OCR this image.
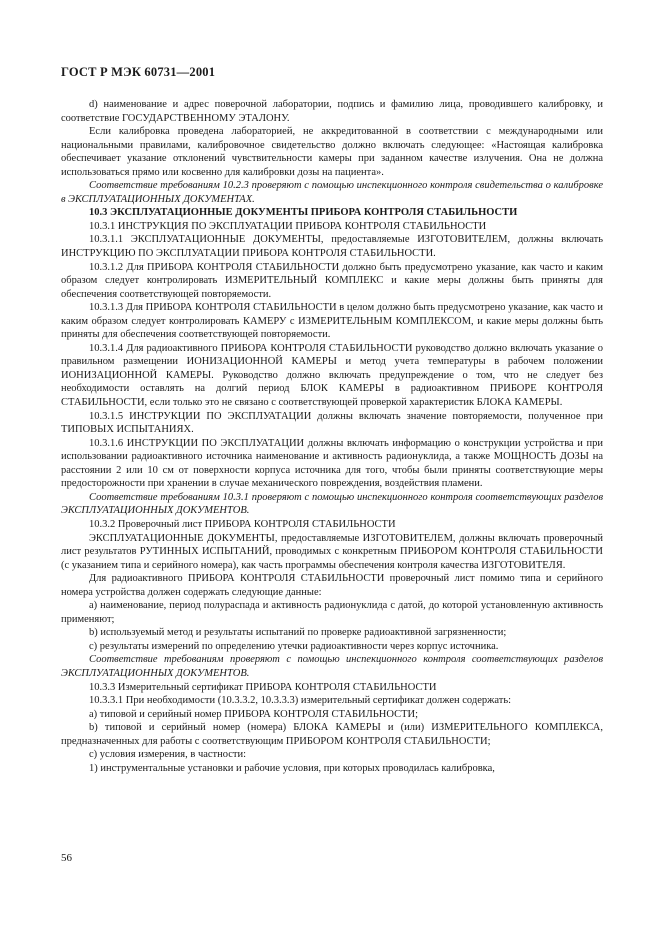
ГОСТ Р МЭК 60731—2001

d) наименование и адрес поверочной лаборатории, подпись и фамилию лица, проводившего калибровку, и соответствие ГОСУДАРСТВЕННОМУ ЭТАЛОНУ.

Если калибровка проведена лабораторией, не аккредитованной в соответствии с международными или национальными правилами, калибровочное свидетельство должно включать следующее: «Настоящая калибровка обеспечивает указание отклонений чувствительности камеры при заданном качестве излучения. Она не должна использоваться прямо или косвенно для калибровки дозы на пациента».

Соответствие требованиям 10.2.3 проверяют с помощью инспекционного контроля свидетельства о калибровке в ЭКСПЛУАТАЦИОННЫХ ДОКУМЕНТАХ.

10.3 ЭКСПЛУАТАЦИОННЫЕ ДОКУМЕНТЫ ПРИБОРА КОНТРОЛЯ СТАБИЛЬНОСТИ

10.3.1 ИНСТРУКЦИЯ ПО ЭКСПЛУАТАЦИИ ПРИБОРА КОНТРОЛЯ СТАБИЛЬНОСТИ

10.3.1.1 ЭКСПЛУАТАЦИОННЫЕ ДОКУМЕНТЫ, предоставляемые ИЗГОТОВИТЕЛЕМ, должны включать ИНСТРУКЦИЮ ПО ЭКСПЛУАТАЦИИ ПРИБОРА КОНТРОЛЯ СТАБИЛЬНОСТИ.

10.3.1.2 Для ПРИБОРА КОНТРОЛЯ СТАБИЛЬНОСТИ должно быть предусмотрено указание, как часто и каким образом следует контролировать ИЗМЕРИТЕЛЬНЫЙ КОМПЛЕКС и какие меры должны быть приняты для обеспечения соответствующей повторяемости.

10.3.1.3 Для ПРИБОРА КОНТРОЛЯ СТАБИЛЬНОСТИ в целом должно быть предусмотрено указание, как часто и каким образом следует контролировать КАМЕРУ с ИЗМЕРИТЕЛЬНЫМ КОМПЛЕКСОМ, и какие меры должны быть приняты для обеспечения соответствующей повторяемости.

10.3.1.4 Для радиоактивного ПРИБОРА КОНТРОЛЯ СТАБИЛЬНОСТИ руководство должно включать указание о правильном размещении ИОНИЗАЦИОННОЙ КАМЕРЫ и метод учета температуры в рабочем положении ИОНИЗАЦИОННОЙ КАМЕРЫ. Руководство должно включать предупреждение о том, что не следует без необходимости оставлять на долгий период БЛОК КАМЕРЫ в радиоактивном ПРИБОРЕ КОНТРОЛЯ СТАБИЛЬНОСТИ, если только это не связано с соответствующей проверкой характеристик БЛОКА КАМЕРЫ.

10.3.1.5 ИНСТРУКЦИИ ПО ЭКСПЛУАТАЦИИ должны включать значение повторяемости, полученное при ТИПОВЫХ ИСПЫТАНИЯХ.

10.3.1.6 ИНСТРУКЦИИ ПО ЭКСПЛУАТАЦИИ должны включать информацию о конструкции устройства и при использовании радиоактивного источника наименование и активность радионуклида, а также МОЩНОСТЬ ДОЗЫ на расстоянии 2 или 10 см от поверхности корпуса источника для того, чтобы были приняты соответствующие меры предосторожности при хранении в случае механического повреждения, воздействия пламени.

Соответствие требованиям 10.3.1 проверяют с помощью инспекционного контроля соответствующих разделов ЭКСПЛУАТАЦИОННЫХ ДОКУМЕНТОВ.

10.3.2 Проверочный лист ПРИБОРА КОНТРОЛЯ СТАБИЛЬНОСТИ

ЭКСПЛУАТАЦИОННЫЕ ДОКУМЕНТЫ, предоставляемые ИЗГОТОВИТЕЛЕМ, должны включать проверочный лист результатов РУТИННЫХ ИСПЫТАНИЙ, проводимых с конкретным ПРИБОРОМ КОНТРОЛЯ СТАБИЛЬНОСТИ (с указанием типа и серийного номера), как часть программы обеспечения контроля качества ИЗГОТОВИТЕЛЯ.

Для радиоактивного ПРИБОРА КОНТРОЛЯ СТАБИЛЬНОСТИ проверочный лист помимо типа и серийного номера устройства должен содержать следующие данные:

а) наименование, период полураспада и активность радионуклида с датой, до которой установленную активность применяют;

b) используемый метод и результаты испытаний по проверке радиоактивной загрязненности;

с) результаты измерений по определению утечки радиоактивности через корпус источника.

Соответствие требованиям проверяют с помощью инспекционного контроля соответствующих разделов ЭКСПЛУАТАЦИОННЫХ ДОКУМЕНТОВ.

10.3.3 Измерительный сертификат ПРИБОРА КОНТРОЛЯ СТАБИЛЬНОСТИ

10.3.3.1 При необходимости (10.3.3.2, 10.3.3.3) измерительный сертификат должен содержать:

а) типовой и серийный номер ПРИБОРА КОНТРОЛЯ СТАБИЛЬНОСТИ;

b) типовой и серийный номер (номера) БЛОКА КАМЕРЫ и (или) ИЗМЕРИТЕЛЬНОГО КОМПЛЕКСА, предназначенных для работы с соответствующим ПРИБОРОМ КОНТРОЛЯ СТАБИЛЬНОСТИ;

с) условия измерения, в частности:

1) инструментальные установки и рабочие условия, при которых проводилась калибровка,

56
